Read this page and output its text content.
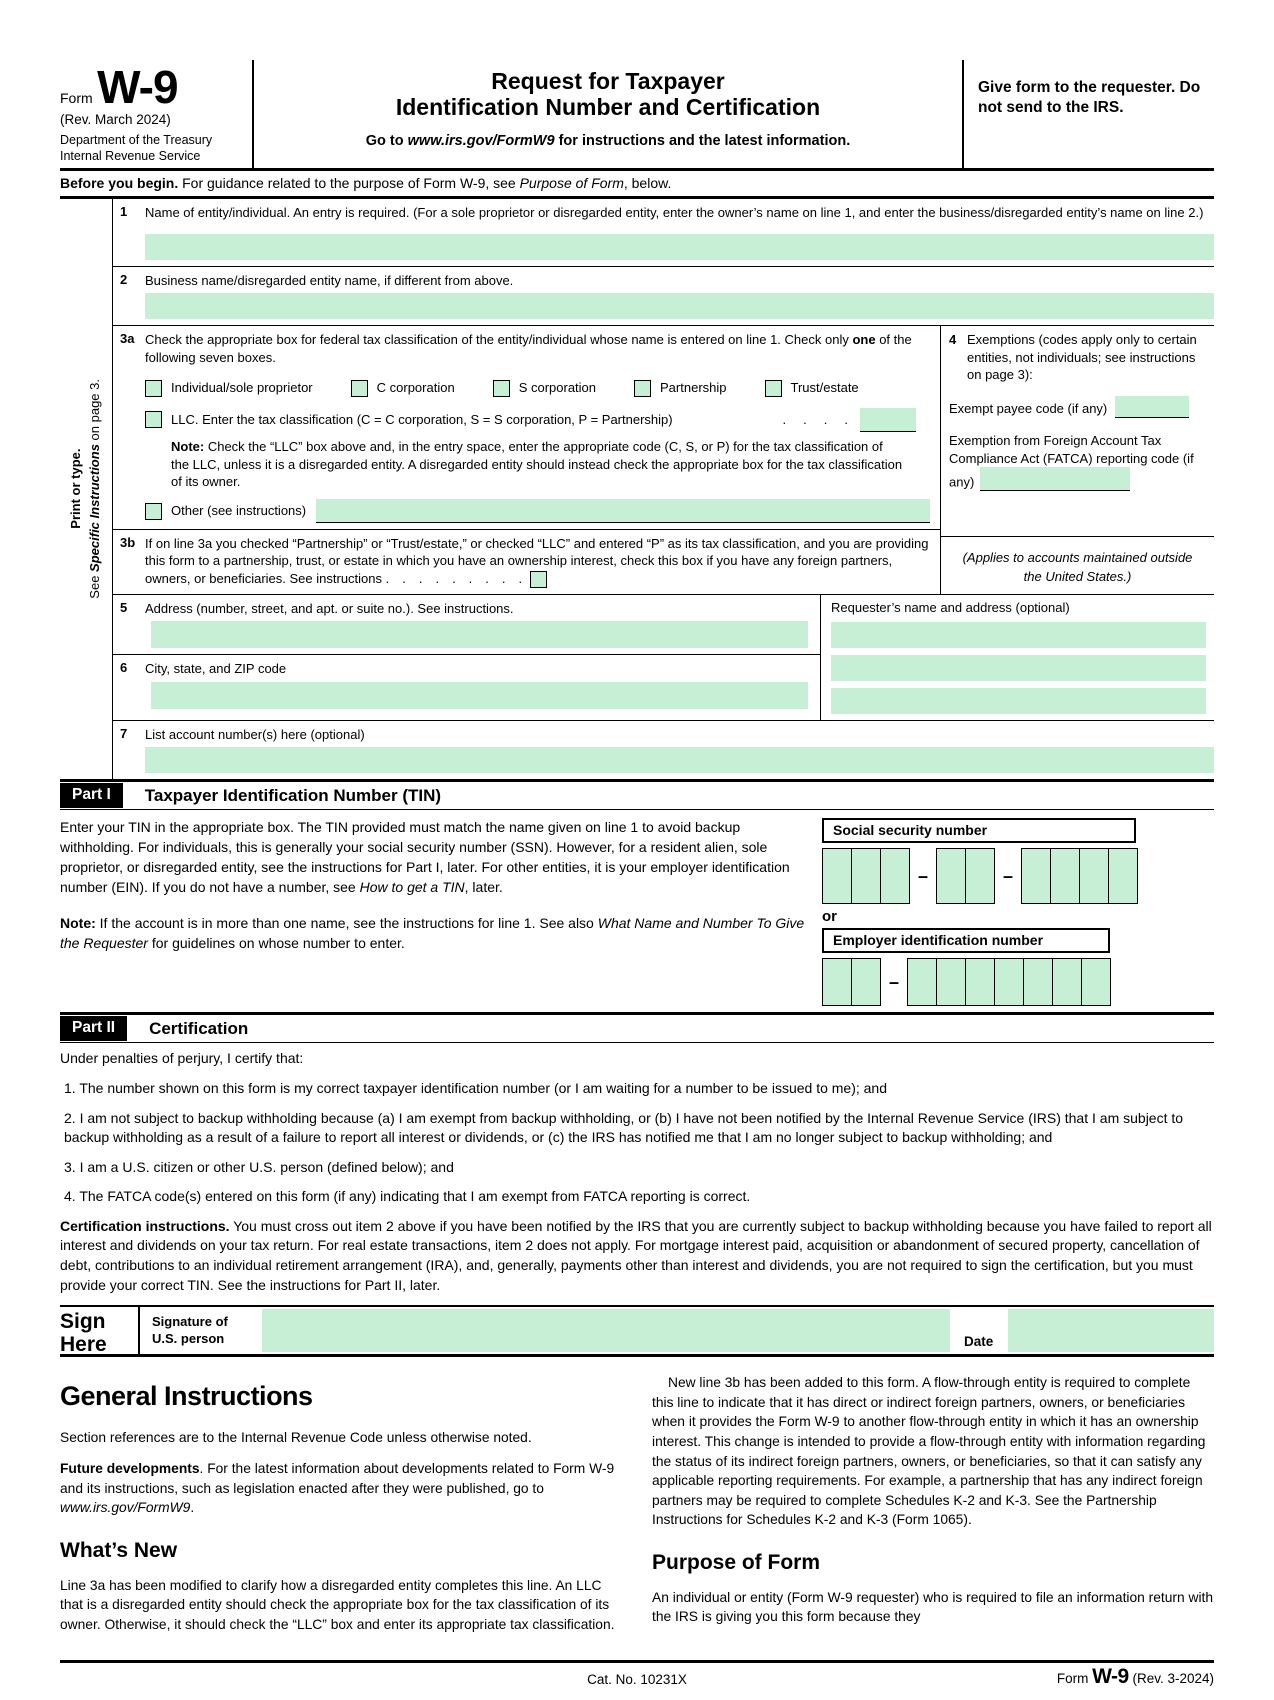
Form W-9
(Rev. March 2024)
Department of the Treasury
Internal Revenue Service
Request for Taxpayer
Identification Number and Certification
Go to www.irs.gov/FormW9 for instructions and the latest information.
Give form to the requester. Do not send to the IRS.
Before you begin. For guidance related to the purpose of Form W-9, see Purpose of Form, below.
Print or type.
See Specific Instructions on page 3.
1	Name of entity/individual. An entry is required. (For a sole proprietor or disregarded entity, enter the owner’s name on line 1, and enter the business/disregarded entity’s name on line 2.)
2	Business name/disregarded entity name, if different from above.
3a Check the appropriate box for federal tax classification of the entity/individual whose name is entered on line 1. Check only one of the following seven boxes.
Individual/sole proprietor	C corporation	S corporation	Partnership	Trust/estate
LLC. Enter the tax classification (C = C corporation, S = S corporation, P = Partnership)	. . . .
Note: Check the “LLC” box above and, in the entry space, enter the appropriate code (C, S, or P) for the tax classification of the LLC, unless it is a disregarded entity. A disregarded entity should instead check the appropriate box for the tax classification of its owner.
Other (see instructions)
3b If on line 3a you checked “Partnership” or “Trust/estate,” or checked “LLC” and entered “P” as its tax classification, and you are providing this form to a partnership, trust, or estate in which you have an ownership interest, check this box if you have any foreign partners, owners, or beneficiaries. See instructions . . . . . . . . .
4 Exemptions (codes apply only to certain entities, not individuals; see instructions on page 3):
Exempt payee code (if any)
Exemption from Foreign Account Tax Compliance Act (FATCA) reporting code (if any)
(Applies to accounts maintained outside the United States.)
5	Address (number, street, and apt. or suite no.). See instructions.
6	City, state, and ZIP code
Requester’s name and address (optional)
7	List account number(s) here (optional)
Part I	Taxpayer Identification Number (TIN)

Enter your TIN in the appropriate box. The TIN provided must match the name given on line 1 to avoid backup withholding. For individuals, this is generally your social security number (SSN). However, for a resident alien, sole proprietor, or disregarded entity, see the instructions for Part I, later. For other entities, it is your employer identification number (EIN). If you do not have a number, see How to get a TIN, later.

Note: If the account is in more than one name, see the instructions for line 1. See also What Name and Number To Give the Requester for guidelines on whose number to enter.

Social security number
–	–
or
Employer identification number
–
Part II	Certification

Under penalties of perjury, I certify that:

1. The number shown on this form is my correct taxpayer identification number (or I am waiting for a number to be issued to me); and

2. I am not subject to backup withholding because (a) I am exempt from backup withholding, or (b) I have not been notified by the Internal Revenue Service (IRS) that I am subject to backup withholding as a result of a failure to report all interest or dividends, or (c) the IRS has notified me that I am no longer subject to backup withholding; and

3. I am a U.S. citizen or other U.S. person (defined below); and

4. The FATCA code(s) entered on this form (if any) indicating that I am exempt from FATCA reporting is correct.

Certification instructions. You must cross out item 2 above if you have been notified by the IRS that you are currently subject to backup withholding because you have failed to report all interest and dividends on your tax return. For real estate transactions, item 2 does not apply. For mortgage interest paid, acquisition or abandonment of secured property, cancellation of debt, contributions to an individual retirement arrangement (IRA), and, generally, payments other than interest and dividends, you are not required to sign the certification, but you must provide your correct TIN. See the instructions for Part II, later.

Sign
Here
Signature of
U.S. person	Date
General Instructions

Section references are to the Internal Revenue Code unless otherwise noted.

Future developments. For the latest information about developments related to Form W-9 and its instructions, such as legislation enacted after they were published, go to www.irs.gov/FormW9.

What’s New

Line 3a has been modified to clarify how a disregarded entity completes this line. An LLC that is a disregarded entity should check the appropriate box for the tax classification of its owner. Otherwise, it should check the “LLC” box and enter its appropriate tax classification.

New line 3b has been added to this form. A flow-through entity is required to complete this line to indicate that it has direct or indirect foreign partners, owners, or beneficiaries when it provides the Form W-9 to another flow-through entity in which it has an ownership interest. This change is intended to provide a flow-through entity with information regarding the status of its indirect foreign partners, owners, or beneficiaries, so that it can satisfy any applicable reporting requirements. For example, a partnership that has any indirect foreign partners may be required to complete Schedules K-2 and K-3. See the Partnership Instructions for Schedules K-2 and K-3 (Form 1065).

Purpose of Form

An individual or entity (Form W-9 requester) who is required to file an information return with the IRS is giving you this form because they

Cat. No. 10231X	Form W-9 (Rev. 3-2024)
